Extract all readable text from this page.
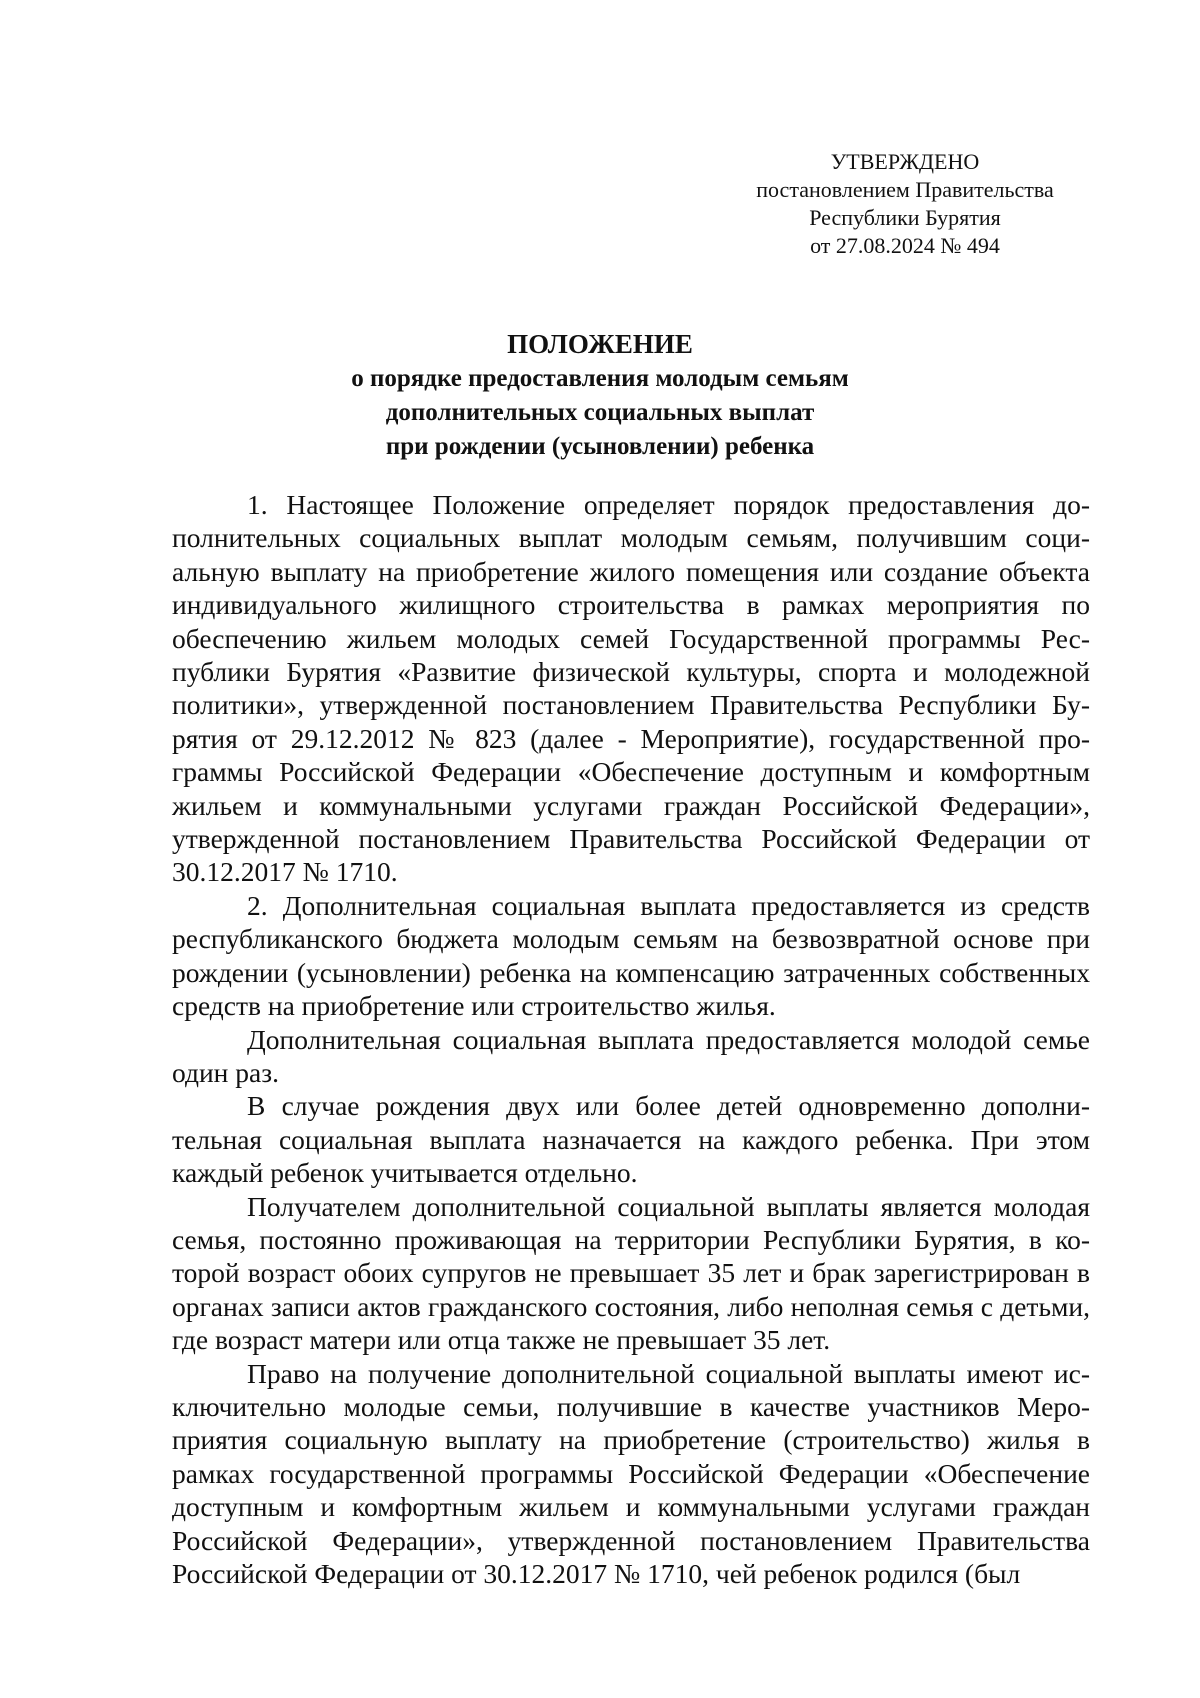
УТВЕРЖДЕНО
постановлением Правительства
Республики Бурятия
от 27.08.2024 № 494
ПОЛОЖЕНИЕ
о порядке предоставления молодым семьям
дополнительных социальных выплат
при рождении (усыновлении) ребенка

1. Настоящее Положение определяет порядок предоставления дополнительных социальных выплат молодым семьям, получившим социальную выплату на приобретение жилого помещения или создание объекта индивидуального жилищного строительства в рамках мероприятия по обеспечению жильем молодых семей Государственной программы Республики Бурятия «Развитие физической культуры, спорта и молодежной политики», утвержденной постановлением Правительства Республики Бурятия от 29.12.2012 № 823 (далее - Мероприятие), государственной программы Российской Федерации «Обеспечение доступным и комфортным жильем и коммунальными услугами граждан Российской Федерации», утвержденной постановлением Правительства Российской Федерации от 30.12.2017 № 1710.

2. Дополнительная социальная выплата предоставляется из средств республиканского бюджета молодым семьям на безвозвратной основе при рождении (усыновлении) ребенка на компенсацию затраченных собственных средств на приобретение или строительство жилья.

Дополнительная социальная выплата предоставляется молодой семье один раз.

В случае рождения двух или более детей одновременно дополнительная социальная выплата назначается на каждого ребенка. При этом каждый ребенок учитывается отдельно.

Получателем дополнительной социальной выплаты является молодая семья, постоянно проживающая на территории Республики Бурятия, в которой возраст обоих супругов не превышает 35 лет и брак зарегистрирован в органах записи актов гражданского состояния, либо неполная семья с детьми, где возраст матери или отца также не превышает 35 лет.

Право на получение дополнительной социальной выплаты имеют исключительно молодые семьи, получившие в качестве участников Мероприятия социальную выплату на приобретение (строительство) жилья в рамках государственной программы Российской Федерации «Обеспечение доступным и комфортным жильем и коммунальными услугами граждан Российской Федерации», утвержденной постановлением Правительства Российской Федерации от 30.12.2017 № 1710, чей ребенок родился (был
